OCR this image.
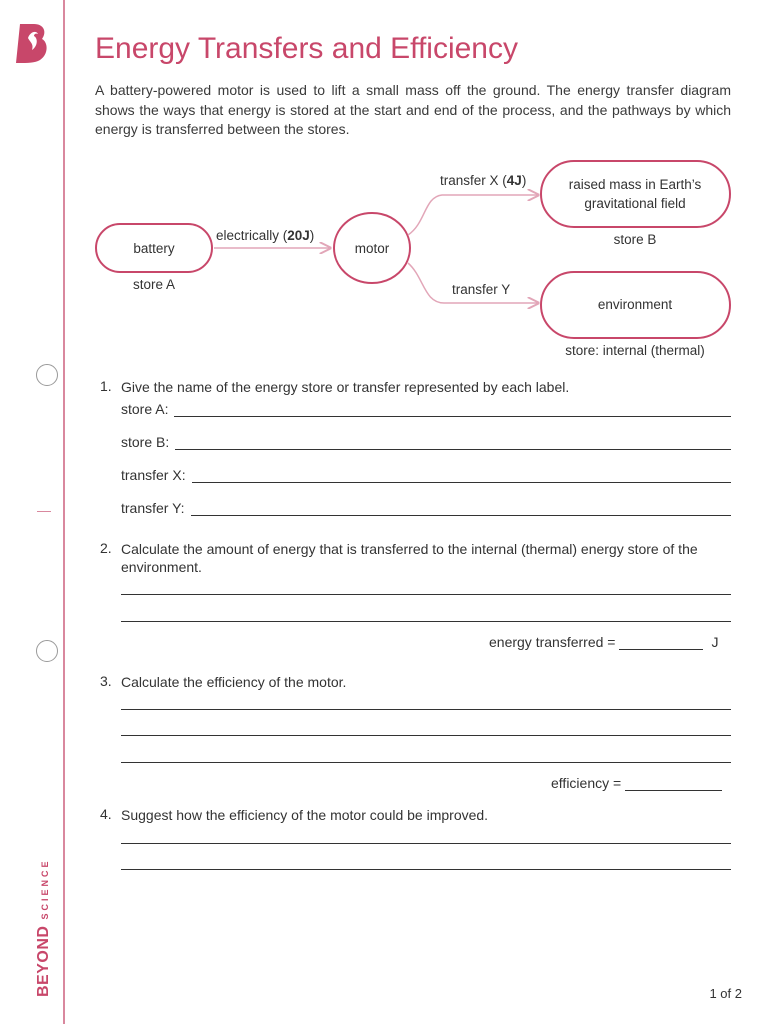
BEYONDSCIENCE
Energy Transfers and Efficiency

A battery-powered motor is used to lift a small mass off the ground. The energy transfer diagram shows the ways that energy is stored at the start and end of the process, and the pathways by which energy is transferred between the stores.

battery
store A
electrically (20J)
motor
transfer X (4J)
transfer Y
raised mass in Earth’s
gravitational field
store B
environment
store: internal (thermal)
1. Give the name of the energy store or transfer represented by each label.
store A:
store B:
transfer X:
transfer Y:
2. Calculate the amount of energy that is transferred to the internal (thermal) energy store of the environment.
energy transferred =	J
3. Calculate the efficiency of the motor.
efficiency =
4. Suggest how the efficiency of the motor could be improved.
1 of 2
